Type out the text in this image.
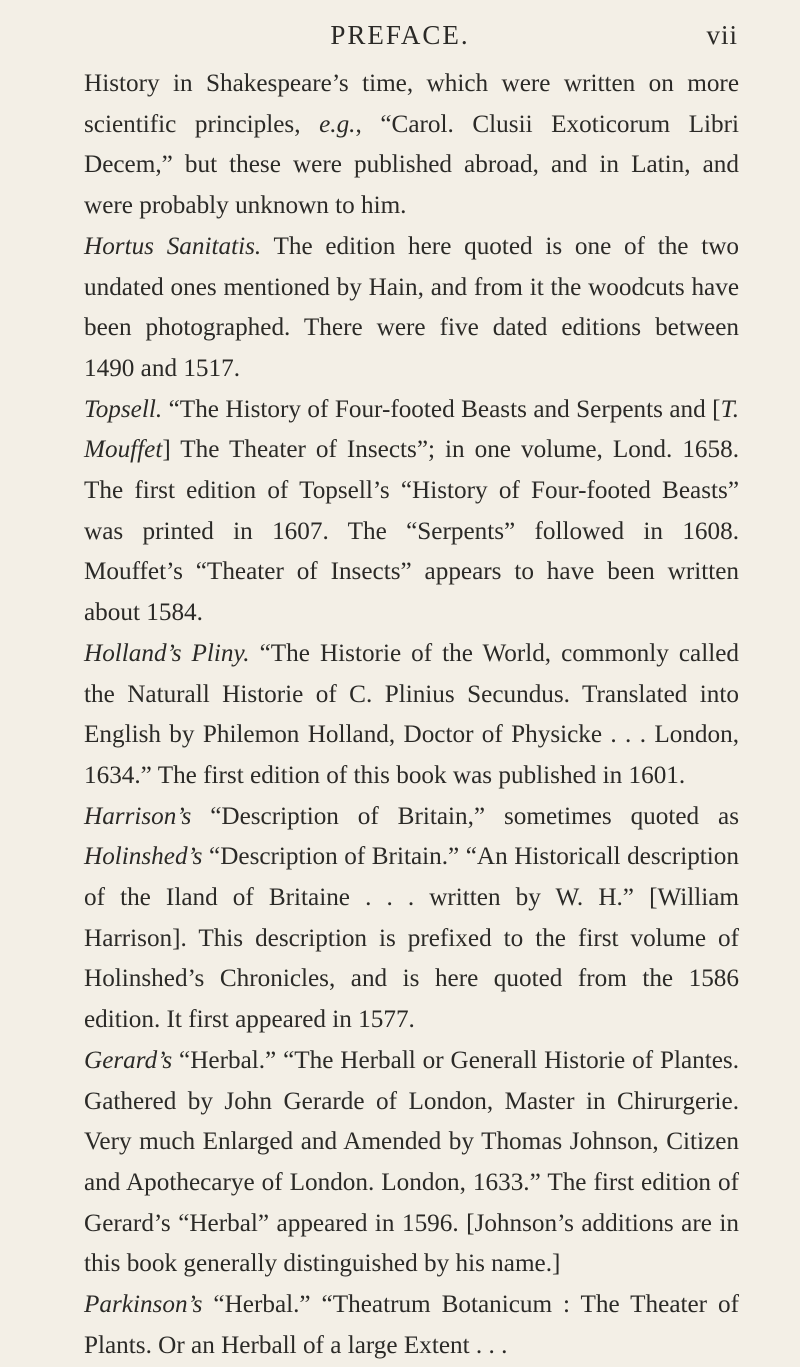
PREFACE.	vii

History in Shakespeare’s time, which were written on more scientific principles, e.g., “Carol. Clusii Exoticorum Libri Decem,” but these were published abroad, and in Latin, and were probably unknown to him.

Hortus Sanitatis. The edition here quoted is one of the two undated ones mentioned by Hain, and from it the woodcuts have been photographed. There were five dated editions between 1490 and 1517.

Topsell. “The History of Four-footed Beasts and Serpents and [T. Mouffet] The Theater of Insects”; in one volume, Lond. 1658. The first edition of Topsell’s “History of Four-footed Beasts” was printed in 1607. The “Serpents” followed in 1608. Mouffet’s “Theater of Insects” appears to have been written about 1584.

Holland’s Pliny. “The Historie of the World, commonly called the Naturall Historie of C. Plinius Secundus. Translated into English by Philemon Holland, Doctor of Physicke . . . London, 1634.” The first edition of this book was published in 1601.

Harrison’s “Description of Britain,” sometimes quoted as Holinshed’s “Description of Britain.” “An Historicall description of the Iland of Britaine . . . written by W. H.” [William Harrison]. This description is prefixed to the first volume of Holinshed’s Chronicles, and is here quoted from the 1586 edition. It first appeared in 1577.

Gerard’s “Herbal.” “The Herball or Generall Historie of Plantes. Gathered by John Gerarde of London, Master in Chirurgerie. Very much Enlarged and Amended by Thomas Johnson, Citizen and Apothecarye of London. London, 1633.” The first edition of Gerard’s “Herbal” appeared in 1596. [Johnson’s additions are in this book generally distinguished by his name.]

Parkinson’s “Herbal.” “Theatrum Botanicum : The Theater of Plants. Or an Herball of a large Extent . . .
